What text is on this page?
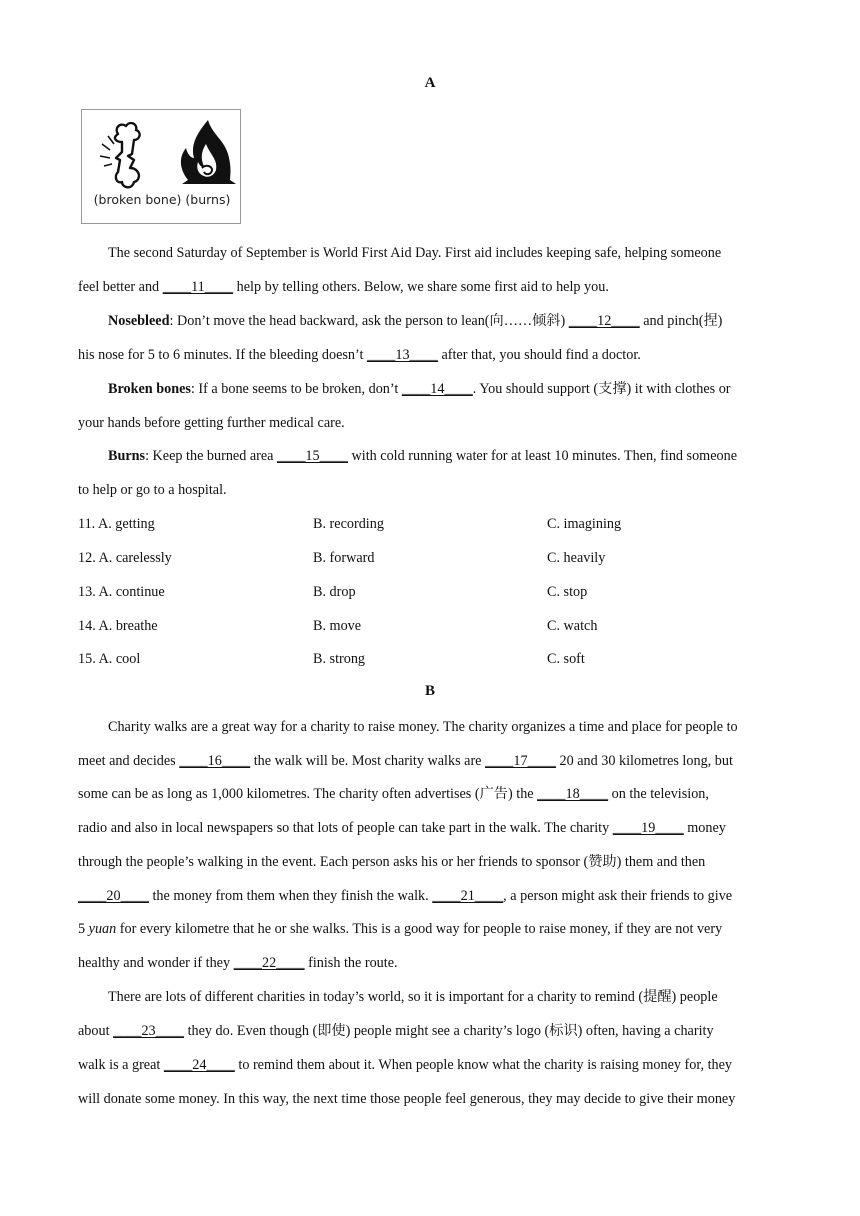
A
(broken bone) (burns)
The second Saturday of September is World First Aid Day. First aid includes keeping safe, helping someone
feel better and ____11____ help by telling others. Below, we share some first aid to help you.
Nosebleed: Don’t move the head backward, ask the person to lean(向……倾斜) ____12____ and pinch(捏)
his nose for 5 to 6 minutes. If the bleeding doesn’t ____13____ after that, you should find a doctor.
Broken bones: If a bone seems to be broken, don’t ____14____. You should support (支撑) it with clothes or
your hands before getting further medical care.
Burns: Keep the burned area ____15____ with cold running water for at least 10 minutes. Then, find someone
to help or go to a hospital.
11. A. getting	B. recording	C. imagining
12. A. carelessly	B. forward	C. heavily
13. A. continue	B. drop	C. stop
14. A. breathe	B. move	C. watch
15. A. cool	B. strong	C. soft
B
Charity walks are a great way for a charity to raise money. The charity organizes a time and place for people to
meet and decides ____16____ the walk will be. Most charity walks are ____17____ 20 and 30 kilometres long, but
some can be as long as 1,000 kilometres. The charity often advertises (广告) the ____18____ on the television,
radio and also in local newspapers so that lots of people can take part in the walk. The charity ____19____ money
through the people’s walking in the event. Each person asks his or her friends to sponsor (赞助) them and then
____20____ the money from them when they finish the walk. ____21____, a person might ask their friends to give
5 yuan for every kilometre that he or she walks. This is a good way for people to raise money, if they are not very
healthy and wonder if they ____22____ finish the route.
There are lots of different charities in today’s world, so it is important for a charity to remind (提醒) people
about ____23____ they do. Even though (即使) people might see a charity’s logo (标识) often, having a charity
walk is a great ____24____ to remind them about it. When people know what the charity is raising money for, they
will donate some money. In this way, the next time those people feel generous, they may decide to give their money
